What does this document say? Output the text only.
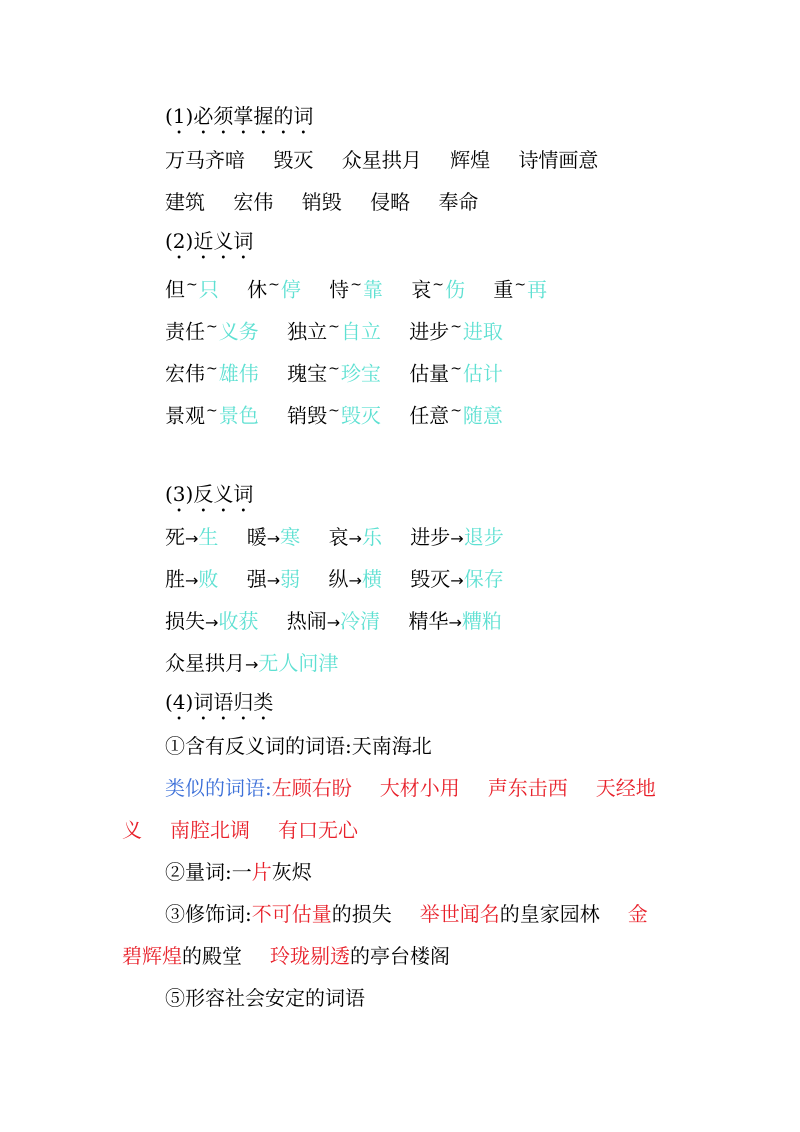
(1)必须掌握的词
万马齐喑 毁灭 众星拱月 辉煌 诗情画意
建筑 宏伟 销毁 侵略 奉命
(2)近义词
但~只 休~停 恃~靠 哀~伤 重~再
责任~义务 独立~自立 进步~进取
宏伟~雄伟 瑰宝~珍宝 估量~估计
景观~景色 销毁~毁灭 任意~随意
(3)反义词
死→生 暖→寒 哀→乐 进步→退步
胜→败 强→弱 纵→横 毁灭→保存
损失→收获 热闹→冷清 精华→糟粕
众星拱月→无人问津
(4)词语归类
①含有反义词的词语:天南海北
类似的词语:左顾右盼 大材小用 声东击西 天经地
义 南腔北调 有口无心
②量词:一片灰烬
③修饰词:不可估量的损失 举世闻名的皇家园林 金
碧辉煌的殿堂 玲珑剔透的亭台楼阁
⑤形容社会安定的词语
